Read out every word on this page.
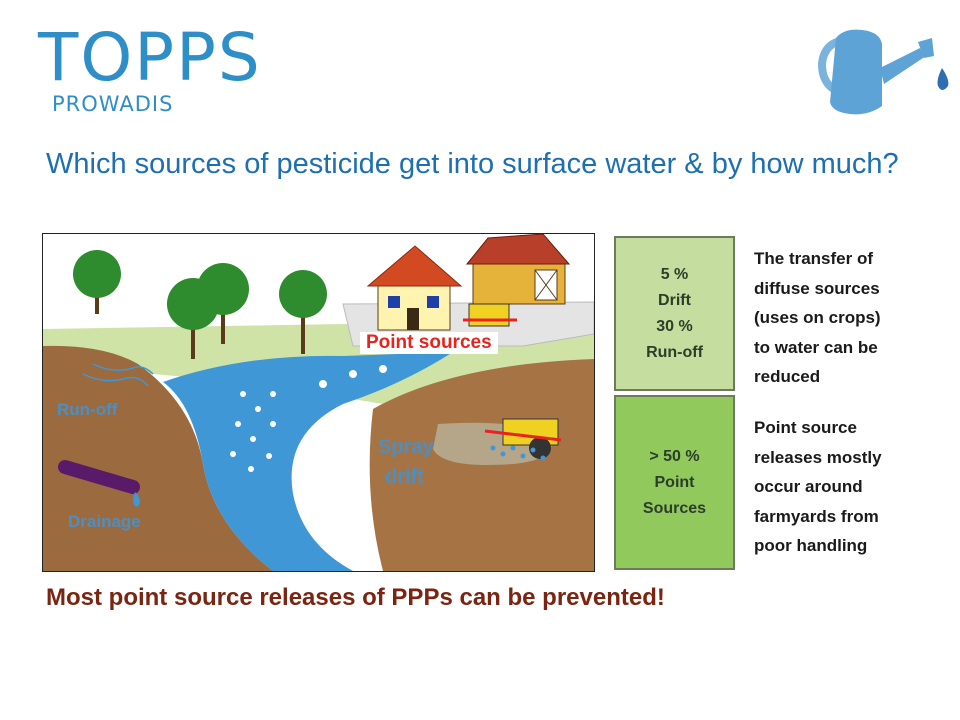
TOPPS
PROWADIS
Which sources of pesticide get into surface water & by how much?
Point sources
Run-off
Spray
drift
Drainage
5 %
Drift
30 %
Run-off
> 50 %
Point
Sources
The transfer of
diffuse sources
(uses on crops)
to water can be
reduced
Point source
releases mostly
occur around
farmyards from
poor handling
Most point source releases of PPPs can be prevented!
